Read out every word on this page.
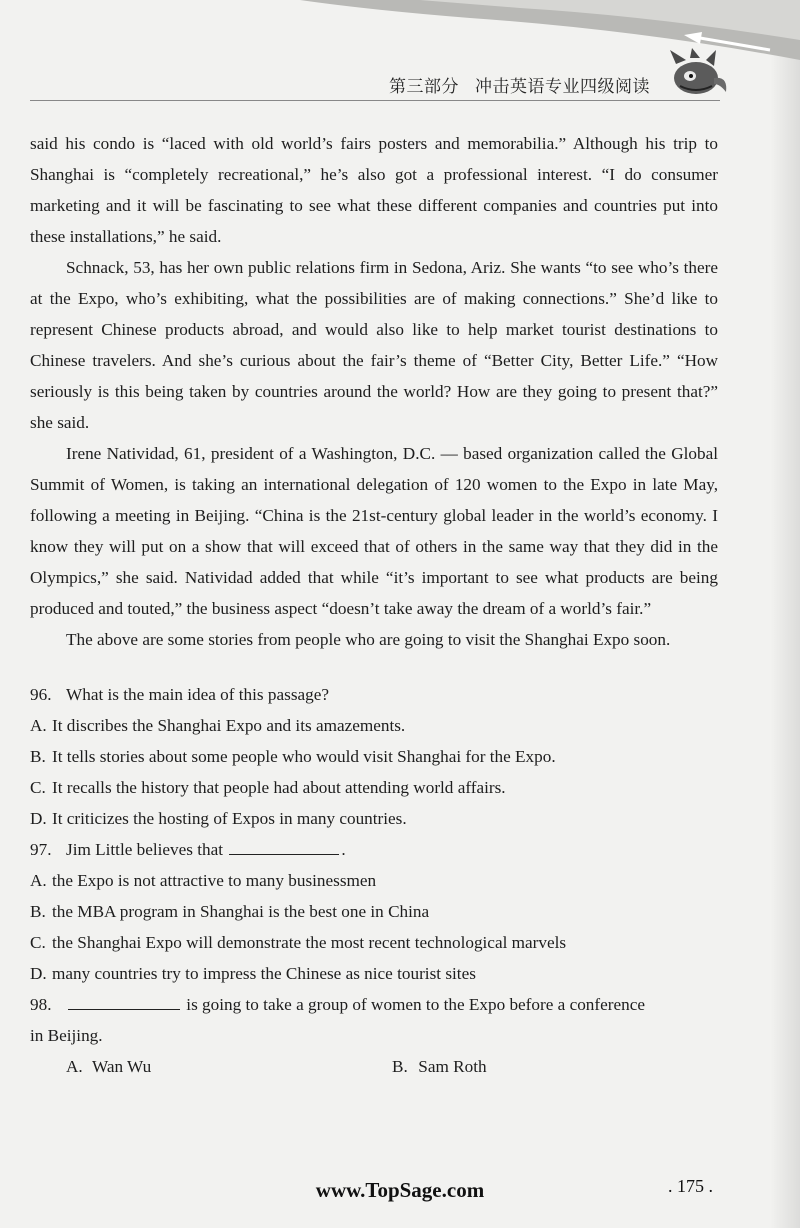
第三部分 冲击英语专业四级阅读

said his condo is “laced with old world’s fairs posters and memorabilia.” Although his trip to Shanghai is “completely recreational,” he’s also got a professional interest. “I do consumer marketing and it will be fascinating to see what these different companies and countries put into these installations,” he said.

Schnack, 53, has her own public relations firm in Sedona, Ariz. She wants “to see who’s there at the Expo, who’s exhibiting, what the possibilities are of making connections.” She’d like to represent Chinese products abroad, and would also like to help market tourist destinations to Chinese travelers. And she’s curious about the fair’s theme of “Better City, Better Life.” “How seriously is this being taken by countries around the world? How are they going to present that?” she said.

Irene Natividad, 61, president of a Washington, D.C. — based organization called the Global Summit of Women, is taking an international delegation of 120 women to the Expo in late May, following a meeting in Beijing. “China is the 21st-century global leader in the world’s economy. I know they will put on a show that will exceed that of others in the same way that they did in the Olympics,” she said. Natividad added that while “it’s important to see what products are being produced and touted,” the business aspect “doesn’t take away the dream of a world’s fair.”

The above are some stories from people who are going to visit the Shanghai Expo soon.

96. What is the main idea of this passage?

A. It discribes the Shanghai Expo and its amazements.

B. It tells stories about some people who would visit Shanghai for the Expo.

C. It recalls the history that people had about attending world affairs.

D. It criticizes the hosting of Expos in many countries.

97. Jim Little believes that	.

A. the Expo is not attractive to many businessmen

B. the MBA program in Shanghai is the best one in China

C. the Shanghai Expo will demonstrate the most recent technological marvels

D. many countries try to impress the Chinese as nice tourist sites

98.	is going to take a group of women to the Expo before a conference

in Beijing.

A. Wan Wu	B. Sam Roth
www.TopSage.com	. 175 .
